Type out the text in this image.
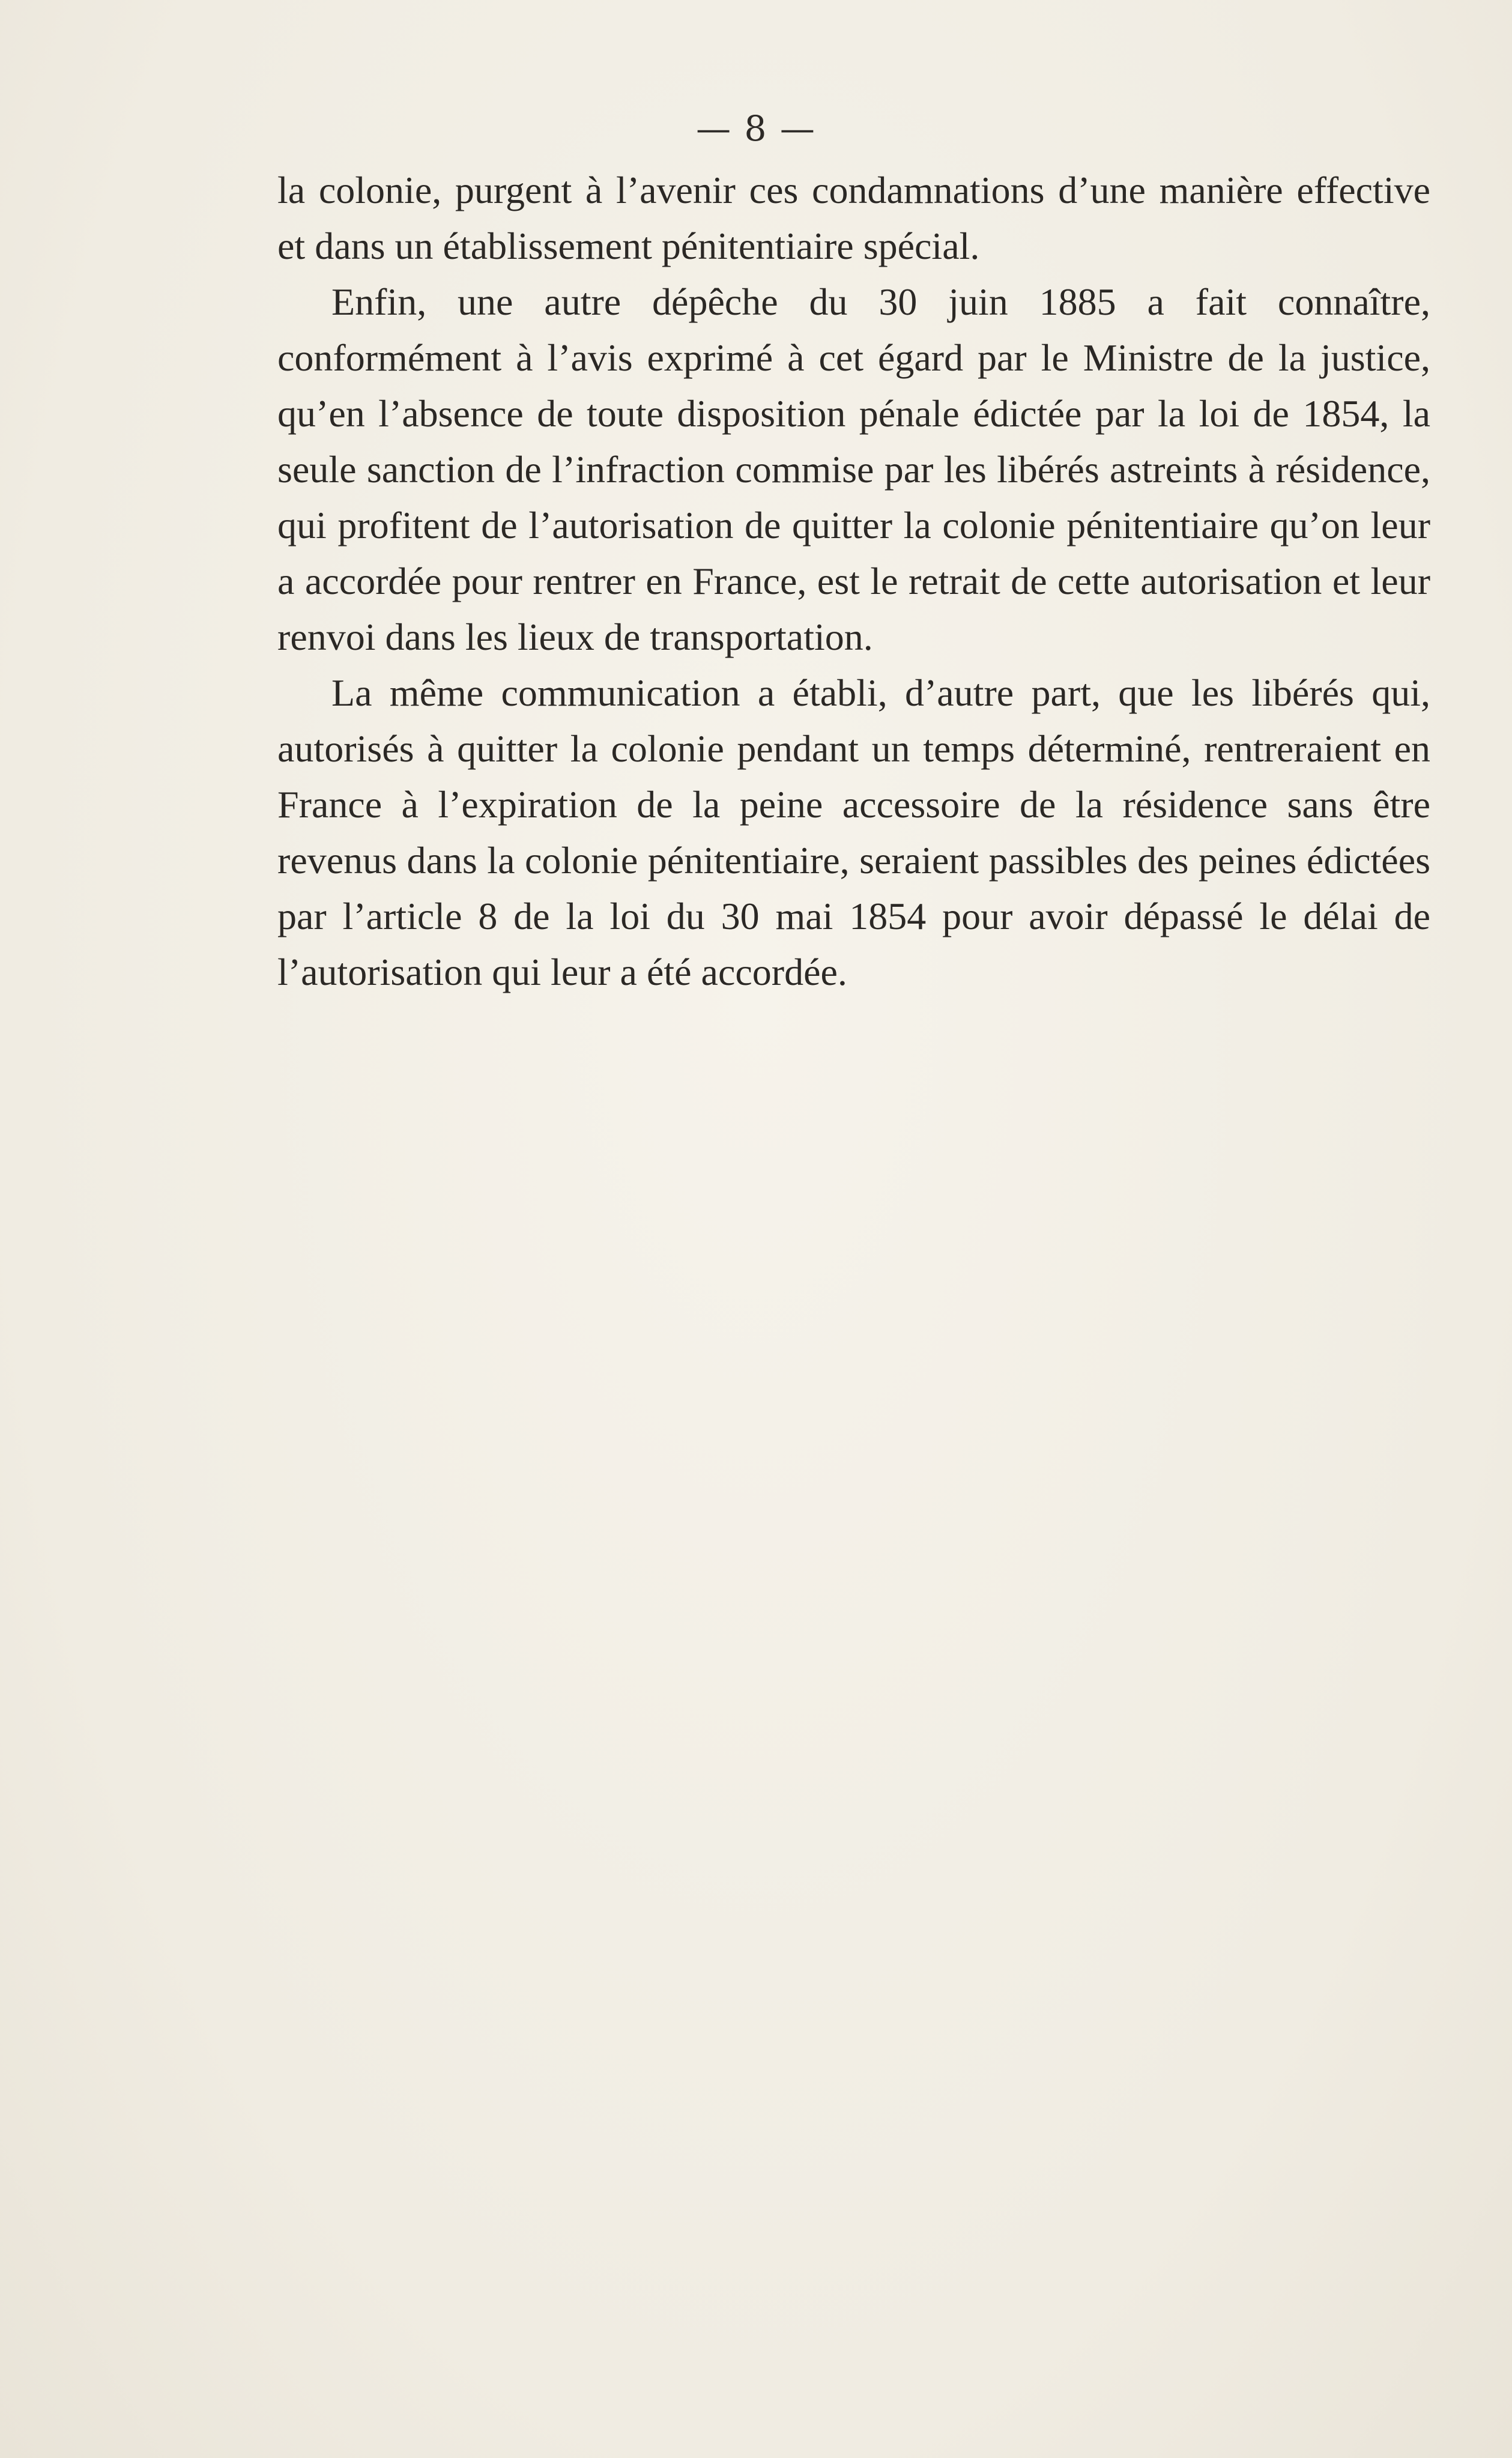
— 8 —

la colonie, purgent à l’avenir ces condamnations d’une manière effective et dans un établissement pénitentiaire spécial.

Enfin, une autre dépêche du 30 juin 1885 a fait connaître, conformément à l’avis exprimé à cet égard par le Ministre de la justice, qu’en l’absence de toute disposition pénale édictée par la loi de 1854, la seule sanction de l’infraction commise par les libérés astreints à résidence, qui profitent de l’autorisation de quitter la colonie pénitentiaire qu’on leur a accordée pour rentrer en France, est le retrait de cette autorisation et leur renvoi dans les lieux de transportation.

La même communication a établi, d’autre part, que les libérés qui, autorisés à quitter la colonie pendant un temps déterminé, rentreraient en France à l’expiration de la peine accessoire de la résidence sans être revenus dans la colonie pénitentiaire, seraient passibles des peines édictées par l’article 8 de la loi du 30 mai 1854 pour avoir dépassé le délai de l’autorisation qui leur a été accordée.
